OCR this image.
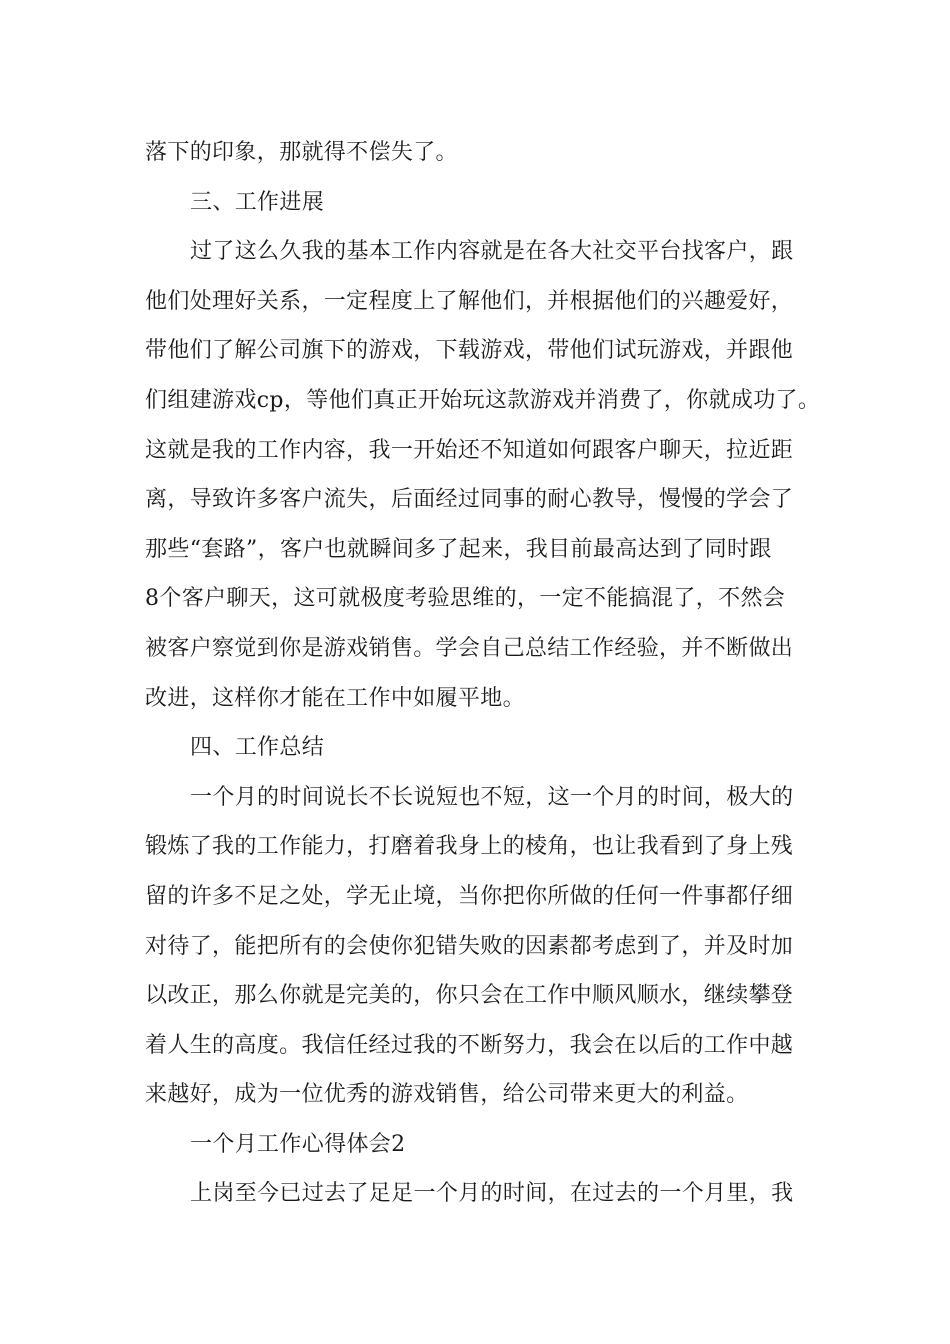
落下的印象，那就得不偿失了。
三、工作进展
过了这么久我的基本工作内容就是在各大社交平台找客户，跟
他们处理好关系，一定程度上了解他们，并根据他们的兴趣爱好，
带他们了解公司旗下的游戏，下载游戏，带他们试玩游戏，并跟他
们组建游戏cp，等他们真正开始玩这款游戏并消费了，你就成功了。
这就是我的工作内容，我一开始还不知道如何跟客户聊天，拉近距
离，导致许多客户流失，后面经过同事的耐心教导，慢慢的学会了
那些“套路”，客户也就瞬间多了起来，我目前最高达到了同时跟
8个客户聊天，这可就极度考验思维的，一定不能搞混了，不然会
被客户察觉到你是游戏销售。学会自己总结工作经验，并不断做出
改进，这样你才能在工作中如履平地。
四、工作总结
一个月的时间说长不长说短也不短，这一个月的时间，极大的
锻炼了我的工作能力，打磨着我身上的棱角，也让我看到了身上残
留的许多不足之处，学无止境，当你把你所做的任何一件事都仔细
对待了，能把所有的会使你犯错失败的因素都考虑到了，并及时加
以改正，那么你就是完美的，你只会在工作中顺风顺水，继续攀登
着人生的高度。我信任经过我的不断努力，我会在以后的工作中越
来越好，成为一位优秀的游戏销售，给公司带来更大的利益。
一个月工作心得体会2
上岗至今已过去了足足一个月的时间，在过去的一个月里，我
